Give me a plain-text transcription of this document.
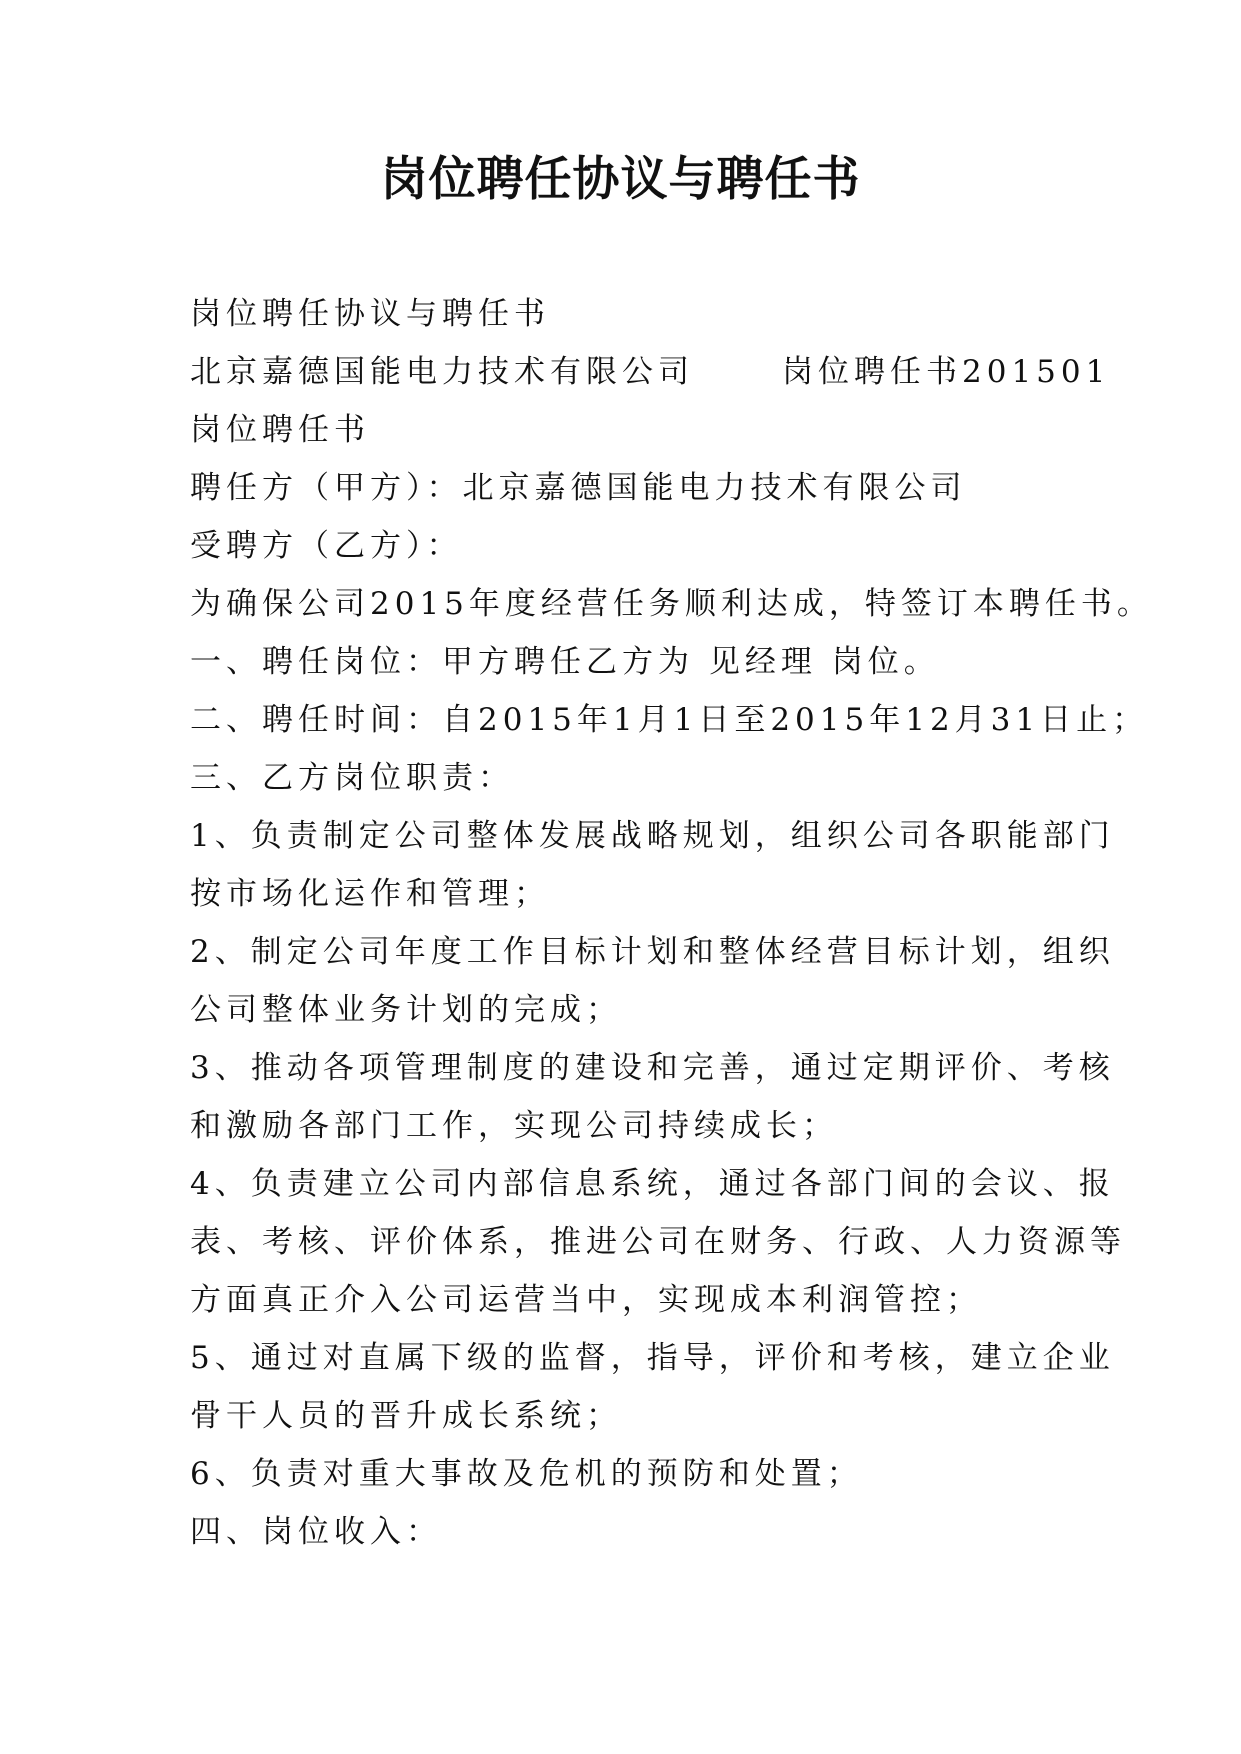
岗位聘任协议与聘任书
岗位聘任协议与聘任书
北京嘉德国能电力技术有限公司	岗位聘任书201501
岗位聘任书
聘任方（甲方）：北京嘉德国能电力技术有限公司
受聘方（乙方）：
为确保公司2015年度经营任务顺利达成，特签订本聘任书。
一、聘任岗位：甲方聘任乙方为 见经理 岗位。
二、聘任时间：自2015年1月1日至2015年12月31日止；
三、乙方岗位职责：
1、负责制定公司整体发展战略规划，组织公司各职能部门
按市场化运作和管理；
2、制定公司年度工作目标计划和整体经营目标计划，组织
公司整体业务计划的完成；
3、推动各项管理制度的建设和完善，通过定期评价、考核
和激励各部门工作，实现公司持续成长；
4、负责建立公司内部信息系统，通过各部门间的会议、报
表、考核、评价体系，推进公司在财务、行政、人力资源等
方面真正介入公司运营当中，实现成本利润管控；
5、通过对直属下级的监督，指导，评价和考核，建立企业
骨干人员的晋升成长系统；
6、负责对重大事故及危机的预防和处置；
四、岗位收入：
